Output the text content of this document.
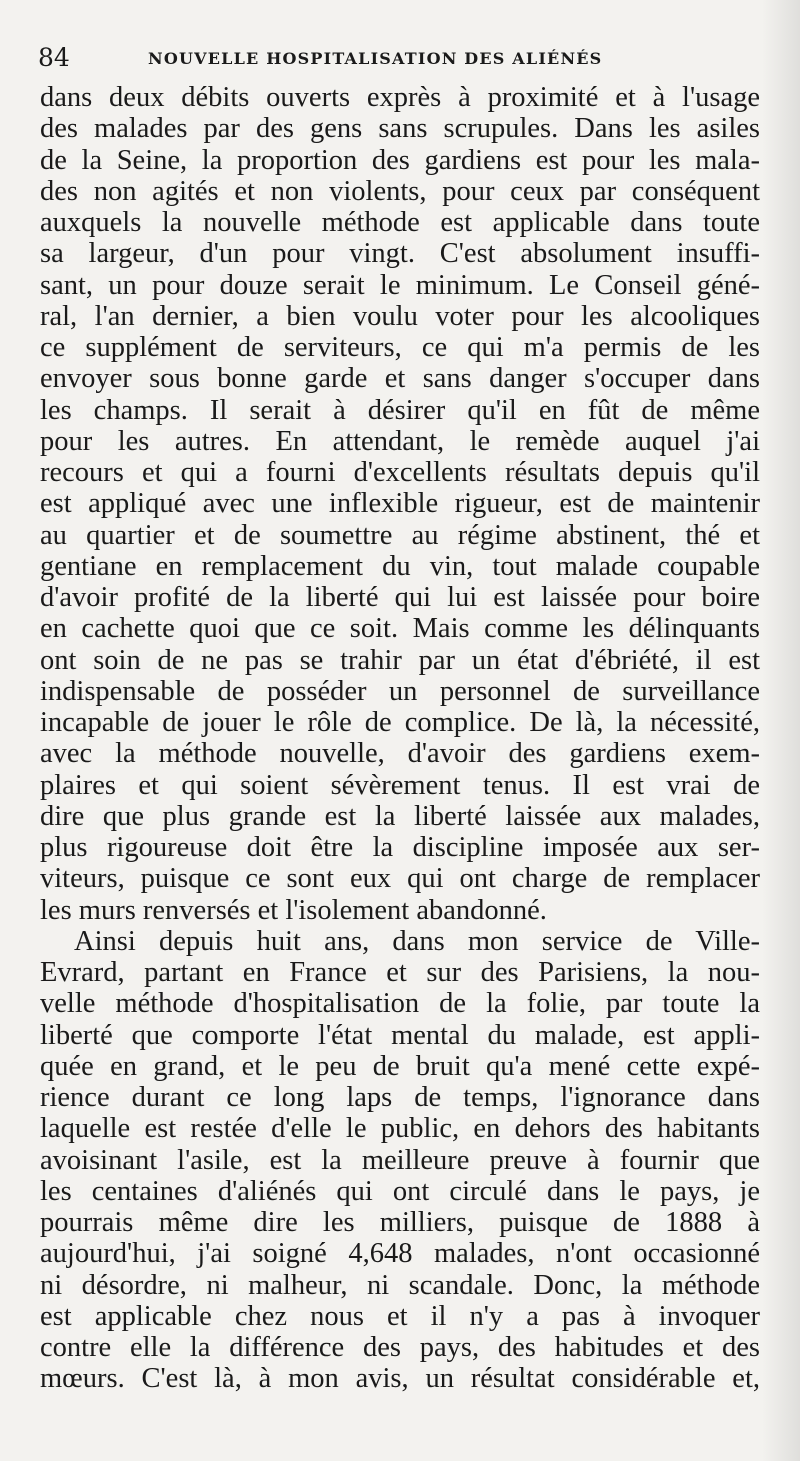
84	NOUVELLE HOSPITALISATION DES ALIÉNÉS
dans deux débits ouverts exprès à proximité et à l'usage
des malades par des gens sans scrupules. Dans les asiles
de la Seine, la proportion des gardiens est pour les mala-
des non agités et non violents, pour ceux par conséquent
auxquels la nouvelle méthode est applicable dans toute
sa largeur, d'un pour vingt. C'est absolument insuffi-
sant, un pour douze serait le minimum. Le Conseil géné-
ral, l'an dernier, a bien voulu voter pour les alcooliques
ce supplément de serviteurs, ce qui m'a permis de les
envoyer sous bonne garde et sans danger s'occuper dans
les champs. Il serait à désirer qu'il en fût de même
pour les autres. En attendant, le remède auquel j'ai
recours et qui a fourni d'excellents résultats depuis qu'il
est appliqué avec une inflexible rigueur, est de maintenir
au quartier et de soumettre au régime abstinent, thé et
gentiane en remplacement du vin, tout malade coupable
d'avoir profité de la liberté qui lui est laissée pour boire
en cachette quoi que ce soit. Mais comme les délinquants
ont soin de ne pas se trahir par un état d'ébriété, il est
indispensable de posséder un personnel de surveillance
incapable de jouer le rôle de complice. De là, la nécessité,
avec la méthode nouvelle, d'avoir des gardiens exem-
plaires et qui soient sévèrement tenus. Il est vrai de
dire que plus grande est la liberté laissée aux malades,
plus rigoureuse doit être la discipline imposée aux ser-
viteurs, puisque ce sont eux qui ont charge de remplacer
les murs renversés et l'isolement abandonné.
Ainsi depuis huit ans, dans mon service de Ville-
Evrard, partant en France et sur des Parisiens, la nou-
velle méthode d'hospitalisation de la folie, par toute la
liberté que comporte l'état mental du malade, est appli-
quée en grand, et le peu de bruit qu'a mené cette expé-
rience durant ce long laps de temps, l'ignorance dans
laquelle est restée d'elle le public, en dehors des habitants
avoisinant l'asile, est la meilleure preuve à fournir que
les centaines d'aliénés qui ont circulé dans le pays, je
pourrais même dire les milliers, puisque de 1888 à
aujourd'hui, j'ai soigné 4,648 malades, n'ont occasionné
ni désordre, ni malheur, ni scandale. Donc, la méthode
est applicable chez nous et il n'y a pas à invoquer
contre elle la différence des pays, des habitudes et des
mœurs. C'est là, à mon avis, un résultat considérable et,
